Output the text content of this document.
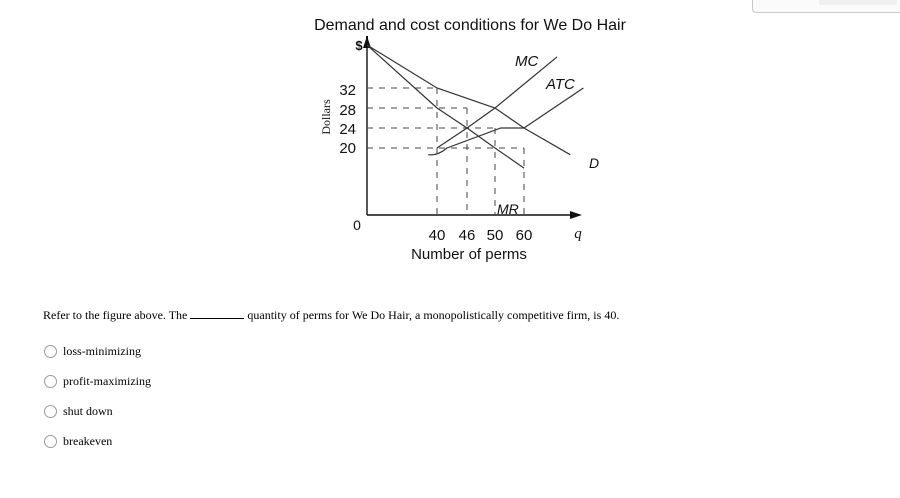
Demand and cost conditions for We Do Hair
$
Dollars
0
Number of perms
q
MC
ATC
D
MR
40 46 50 60
32
28
24
20
Refer to the figure above. The	quantity of perms for We Do Hair, a monopolistically competitive firm, is 40.
loss-minimizing
profit-maximizing
shut down
breakeven
